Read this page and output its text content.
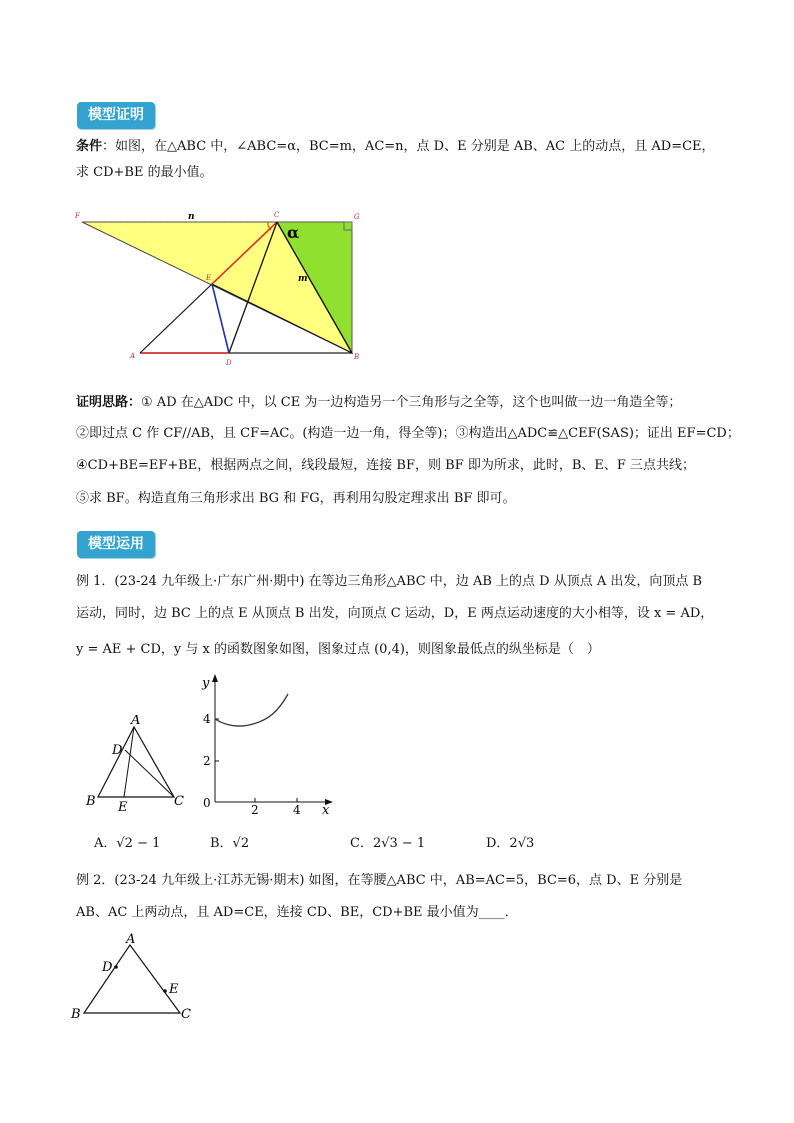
模型证明
条件：如图，在△ABC 中，∠ABC=α，BC=m，AC=n，点 D、E 分别是 AB、AC 上的动点，且 AD=CE，
求 CD+BE 的最小值。
F	n	C	G
α
m
E
A
D
B
证明思路：① AD 在△ADC 中，以 CE 为一边构造另一个三角形与之全等，这个也叫做一边一角造全等；
②即过点 C 作 CF//AB，且 CF=AC。(构造一边一角，得全等)；③构造出△ADC≌△CEF(SAS)；证出 EF=CD；
④CD+BE=EF+BE，根据两点之间，线段最短，连接 BF，则 BF 即为所求，此时，B、E、F 三点共线；
⑤求 BF。构造直角三角形求出 BG 和 FG，再利用勾股定理求出 BF 即可。
模型运用
例 1．(23-24 九年级上·广东广州·期中) 在等边三角形△ABC 中，边 AB 上的点 D 从顶点 A 出发，向顶点 B
运动，同时，边 BC 上的点 E 从顶点 B 出发，向顶点 C 运动，D，E 两点运动速度的大小相等，设 x = AD，
y = AE + CD，y 与 x 的函数图象如图，图象过点 (0,4)，则图象最低点的纵坐标是（　）
A
D
B E	C
y
x
0
2
4
2	4
A．√2 − 1	B．√2	C．2√3 − 1	D．2√3
例 2．(23-24 九年级上·江苏无锡·期末) 如图，在等腰△ABC 中，AB=AC=5，BC=6，点 D、E 分别是
AB、AC 上两动点，且 AD=CE，连接 CD、BE，CD+BE 最小值为____．
A
D
E
B	C
